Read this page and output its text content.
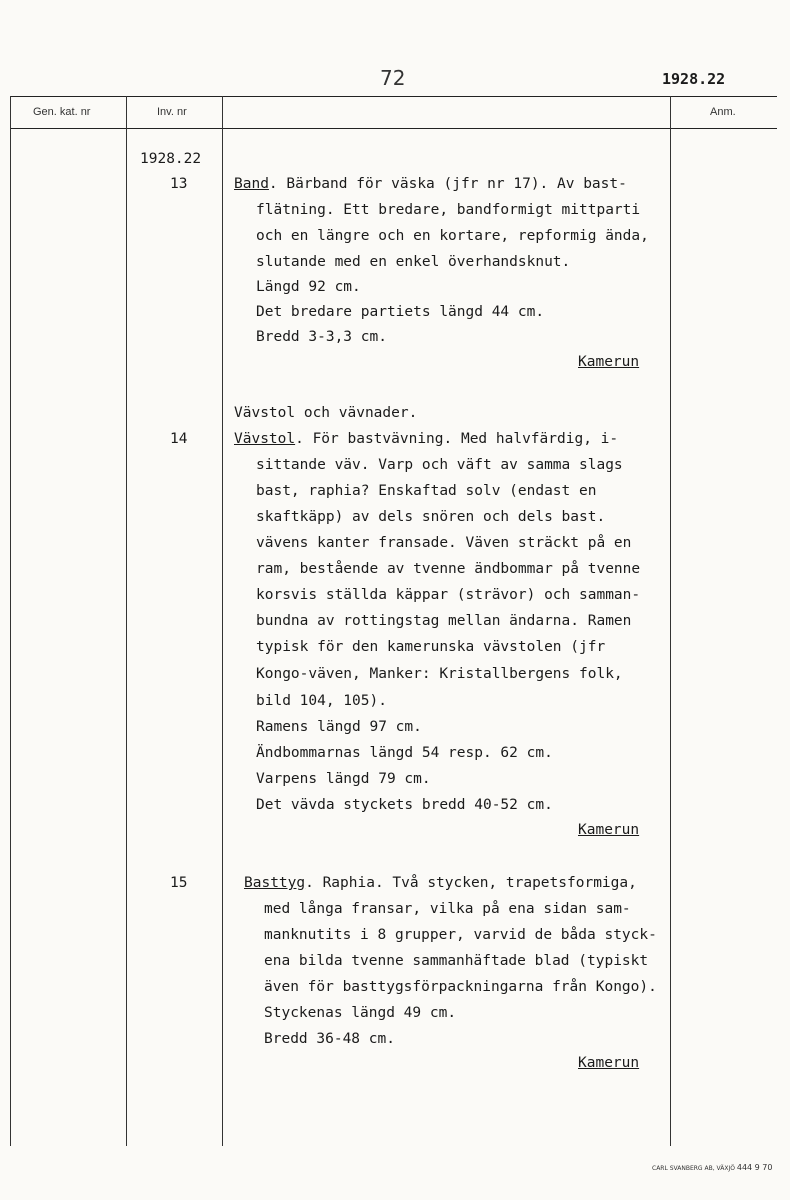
72	1928.22
Gen. kat. nr	Inv. nr	Anm.
1928.22
13	Band. Bärband för väska (jfr nr 17). Av bast-
flätning. Ett bredare, bandformigt mittparti
och en längre och en kortare, repformig ända,
slutande med en enkel överhandsknut.
Längd 92 cm.
Det bredare partiets längd 44 cm.
Bredd 3-3,3 cm.
Kamerun
Vävstol och vävnader.
14	Vävstol. För bastvävning. Med halvfärdig, i-
sittande väv. Varp och väft av samma slags
bast, raphia? Enskaftad solv (endast en
skaftkäpp) av dels snören och dels bast.
vävens kanter fransade. Väven sträckt på en
ram, bestående av tvenne ändbommar på tvenne
korsvis ställda käppar (strävor) och samman-
bundna av rottingstag mellan ändarna. Ramen
typisk för den kamerunska vävstolen (jfr
Kongo-väven, Manker: Kristallbergens folk,
bild 104, 105).
Ramens längd 97 cm.
Ändbommarnas längd 54 resp. 62 cm.
Varpens längd 79 cm.
Det vävda styckets bredd 40-52 cm.
Kamerun
15	Basttyg. Raphia. Två stycken, trapetsformiga,
med långa fransar, vilka på ena sidan sam-
manknutits i 8 grupper, varvid de båda styck-
ena bilda tvenne sammanhäftade blad (typiskt
även för basttygsförpackningarna från Kongo).
Styckenas längd 49 cm.
Bredd 36-48 cm.
Kamerun
CARL SVANBERG AB, VÄXJÖ 444 9 70
